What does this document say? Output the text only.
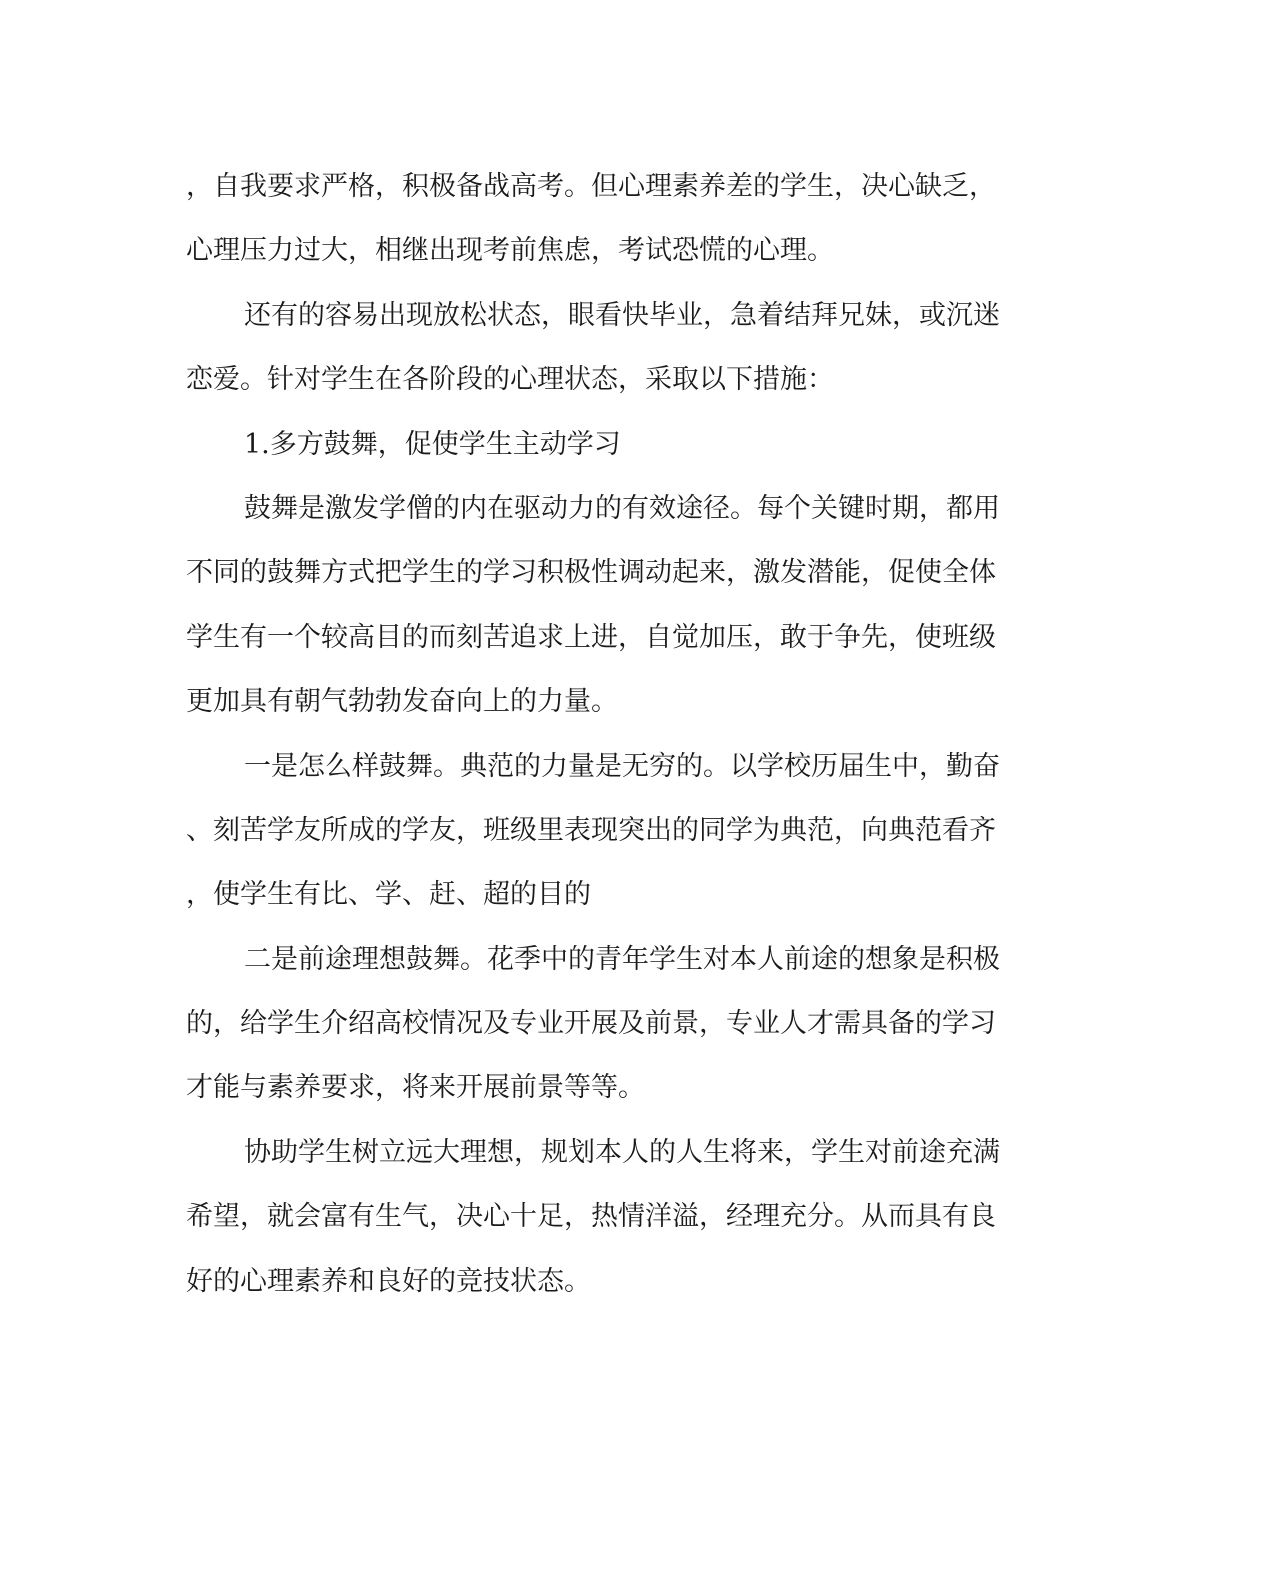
，自我要求严格，积极备战高考。但心理素养差的学生，决心缺乏，
心理压力过大，相继出现考前焦虑，考试恐慌的心理。
还有的容易出现放松状态，眼看快毕业，急着结拜兄妹，或沉迷
恋爱。针对学生在各阶段的心理状态，采取以下措施：
1.多方鼓舞，促使学生主动学习
鼓舞是激发学僧的内在驱动力的有效途径。每个关键时期，都用
不同的鼓舞方式把学生的学习积极性调动起来，激发潜能，促使全体
学生有一个较高目的而刻苦追求上进，自觉加压，敢于争先，使班级
更加具有朝气勃勃发奋向上的力量。
一是怎么样鼓舞。典范的力量是无穷的。以学校历届生中，勤奋
、刻苦学友所成的学友，班级里表现突出的同学为典范，向典范看齐
，使学生有比、学、赶、超的目的
二是前途理想鼓舞。花季中的青年学生对本人前途的想象是积极
的，给学生介绍高校情况及专业开展及前景，专业人才需具备的学习
才能与素养要求，将来开展前景等等。
协助学生树立远大理想，规划本人的人生将来，学生对前途充满
希望，就会富有生气，决心十足，热情洋溢，经理充分。从而具有良
好的心理素养和良好的竞技状态。
